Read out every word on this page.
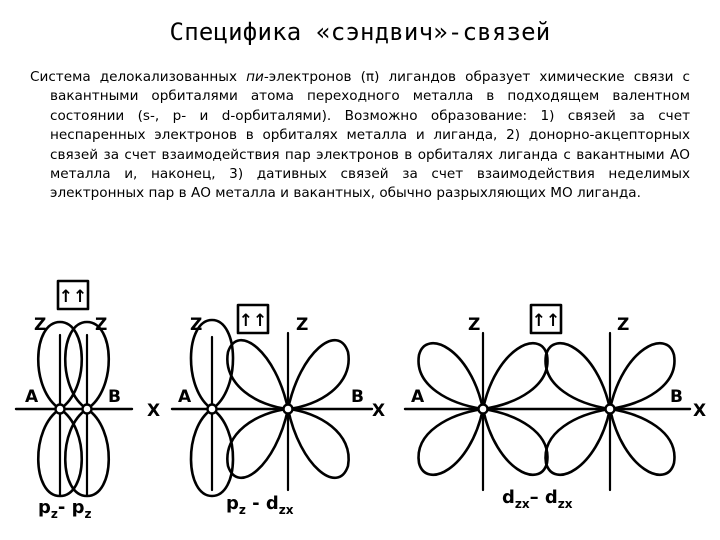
Специфика «сэндвич»-связей
Система делокализованных пи-электронов (π) лигандов образует химические связи с вакантными орбиталями атома переходного металла в подходящем валентном состоянии (s-, p- и d-орбиталями). Возможно образование: 1) связей за счет неспаренных электронов в орбиталях металла и лиганда, 2) донорно-акцепторных связей за счет взаимодействия пар электронов в орбиталях лиганда с вакантными АО металла и, наконец, 3) дативных связей за счет взаимодействия неделимых электронных пар в АО металла и вакантных, обычно разрыхляющих МО лиганда.
↑↑
↑↑	↑↑
Z	Z
A	B
X
Z	Z
A	B
X
Z	Z
A	B
X
$p_z-$ $p_z$	$p_z - d_{zx}$
$d_{zx}-$ $d_{zx}$
